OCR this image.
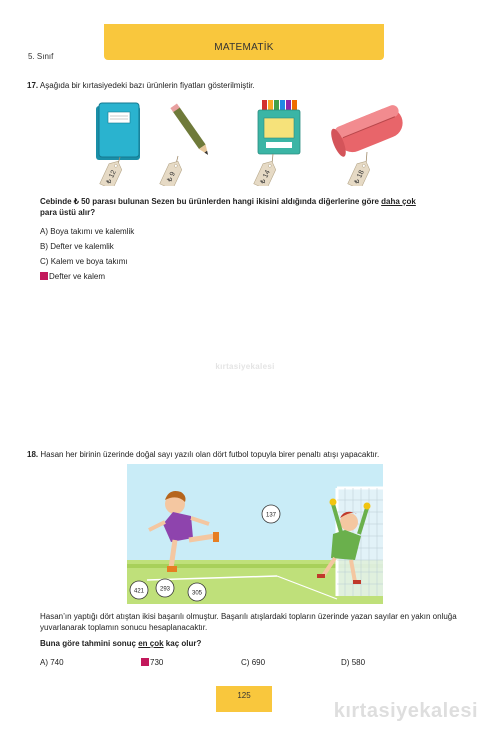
5. Sınıf
MATEMATİK
17. Aşağıda bir kırtasiyedeki bazı ürünlerin fiyatları gösterilmiştir.
₺ 12	₺ 9	₺ 14	₺ 18
Cebinde ₺ 50 parası bulunan Sezen bu ürünlerden hangi ikisini aldığında diğerlerine göre daha çok
para üstü alır?
A) Boya takımı ve kalemlik
B) Defter ve kalemlik
C) Kalem ve boya takımı
Defter ve kalem
kırtasiyekalesi
18. Hasan her birinin üzerinde doğal sayı yazılı olan dört futbol topuyla birer penaltı atışı yapacaktır.
137
421	293
305
Hasan’ın yaptığı dört atıştan ikisi başarılı olmuştur. Başarılı atışlardaki topların üzerinde yazan sayılar en yakın onluğa yuvarlanarak toplamın sonucu hesaplanacaktır.
Buna göre tahmini sonuç en çok kaç olur?
A) 740	730	C) 690	D) 580
125
kırtasiyekalesi
